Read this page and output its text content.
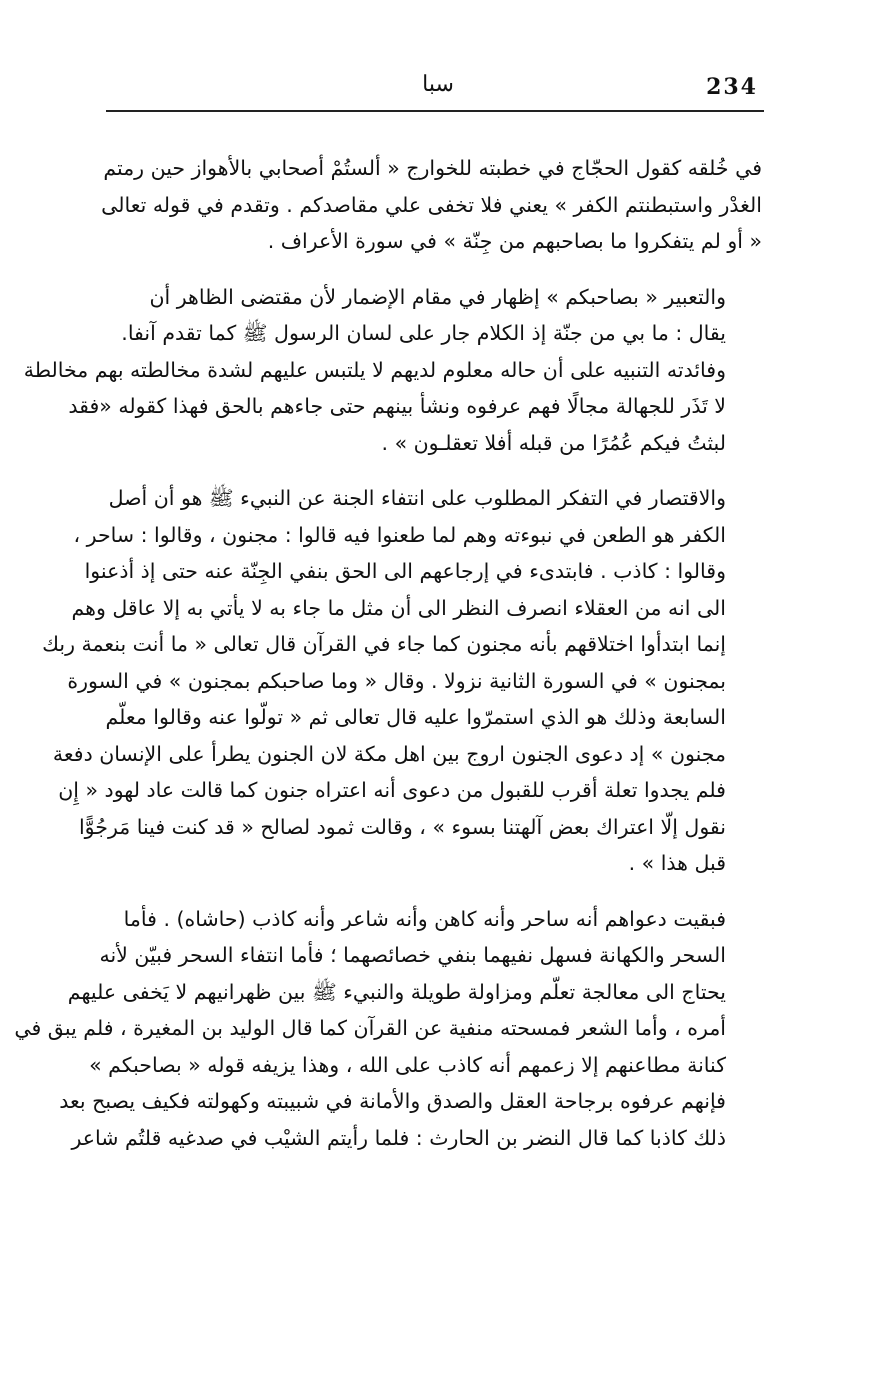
234
سبا
في خُلقه كقول الحجّاج في خطبته للخوارج « ألستُمْ أصحابي بالأهواز حين رمتم
الغدْر واستبطنتم الكفر » يعني فلا تخفى علي مقاصدكم . وتقدم في قوله تعالى
« أو لم يتفكروا ما بصاحبهم من جِنّة » في سورة الأعراف .
والتعبير « بصاحبكم » إظهار في مقام الإضمار لأن مقتضى الظاهر أن
يقال : ما بي من جنّة إذ الكلام جار على لسان الرسول ﷺ كما تقدم آنفا.
وفائدته التنبيه على أن حاله معلوم لديهم لا يلتبس عليهم لشدة مخالطته بهم مخالطة
لا تَذَر للجهالة مجالًا فهم عرفوه ونشأ بينهم حتى جاءهم بالحق فهذا كقوله «فقد
لبثتُ فيكم عُمُرًا من قبله أفلا تعقلـون » .
والاقتصار في التفكر المطلوب على انتفاء الجنة عن النبيء ﷺ هو أن أصل
الكفر هو الطعن في نبوءته وهم لما طعنوا فيه قالوا : مجنون ، وقالوا : ساحر ،
وقالوا : كاذب . فابتدىء في إرجاعهم الى الحق بنفي الجِنّة عنه حتى إذ أذعنوا
الى انه من العقلاء انصرف النظر الى أن مثل ما جاء به لا يأتي به إلا عاقل وهم
إنما ابتدأوا اختلاقهم بأنه مجنون كما جاء في القرآن قال تعالى « ما أنت بنعمة ربك
بمجنون » في السورة الثانية نزولا . وقال « وما صاحبكم بمجنون » في السورة
السابعة وذلك هو الذي استمرّوا عليه قال تعالى ثم « تولّوا عنه وقالوا معلّم
مجنون » إد دعوى الجنون اروج بين اهل مكة لان الجنون يطرأ على الإنسان دفعة
فلم يجدوا تعلة أقرب للقبول من دعوى أنه اعتراه جنون كما قالت عاد لهود « إِن
نقول إلّا اعتراك بعض آلهتنا بسوء » ، وقالت ثمود لصالح « قد كنت فينا مَرجُوًّا
قبل هذا » .
فبقيت دعواهم أنه ساحر وأنه كاهن وأنه شاعر وأنه كاذب (حاشاه) . فأما
السحر والكهانة فسهل نفيهما بنفي خصائصهما ؛ فأما انتفاء السحر فبيّن لأنه
يحتاج الى معالجة تعلّم ومزاولة طويلة والنبيء ﷺ بين ظهرانيهم لا يَخفى عليهم
أمره ، وأما الشعر فمسحته منفية عن القرآن كما قال الوليد بن المغيرة ، فلم يبق في
كنانة مطاعنهم إلا زعمهم أنه كاذب على الله ، وهذا يزيفه قوله « بصاحبكم »
فإنهم عرفوه برجاحة العقل والصدق والأمانة في شبيبته وكهولته فكيف يصبح بعد
ذلك كاذبا كما قال النضر بن الحارث : فلما رأيتم الشيْب في صدغيه قلتُم شاعر
